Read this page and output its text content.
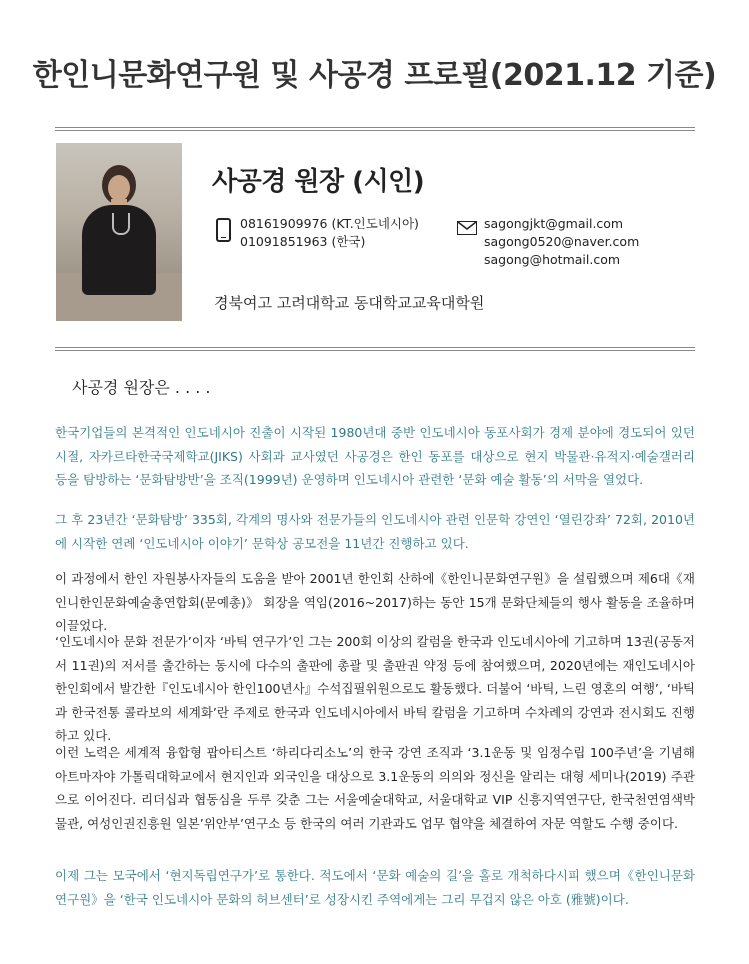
한인니문화연구원 및 사공경 프로필(2021.12 기준)
사공경 원장 (시인)
08161909976 (KT.인도네시아)
01091851963 (한국)
sagongjkt@gmail.com
sagong0520@naver.com
sagong@hotmail.com
경북여고 고려대학교 동대학교교육대학원
사공경 원장은 . . . .

한국기업들의 본격적인 인도네시아 진출이 시작된 1980년대 중반 인도네시아 동포사회가 경제 분야에 경도되어 있던 시절, 자카르타한국국제학교(JIKS) 사회과 교사였던 사공경은 한인 동포를 대상으로 현지 박물관·유적지·예술갤러리 등을 탐방하는 ‘문화탐방반’을 조직(1999년) 운영하며 인도네시아 관련한 ‘문화 예술 활동’의 서막을 열었다.

그 후 23년간 ‘문화탐방’ 335회, 각계의 명사와 전문가들의 인도네시아 관련 인문학 강연인 ‘열린강좌’ 72회, 2010년에 시작한 연례 ‘인도네시아 이야기’ 문학상 공모전을 11년간 진행하고 있다.

이 과정에서 한인 자원봉사자들의 도움을 받아 2001년 한인회 산하에《한인니문화연구원》을 설립했으며 제6대《재인니한인문화예술총연합회(문예총)》 회장을 역임(2016~2017)하는 동안 15개 문화단체들의 행사 활동을 조율하며 이끌었다.

‘인도네시아 문화 전문가’이자 ‘바틱 연구가’인 그는 200회 이상의 칼럼을 한국과 인도네시아에 기고하며 13권(공동저서 11권)의 저서를 출간하는 동시에 다수의 출판에 총괄 및 출판권 약정 등에 참여했으며, 2020년에는 재인도네시아한인회에서 발간한『인도네시아 한인100년사』수석집필위원으로도 활동했다. 더불어 ‘바틱, 느린 영혼의 여행’, ‘바틱과 한국전통 콜라보의 세계화’란 주제로 한국과 인도네시아에서 바틱 칼럼을 기고하며 수차례의 강연과 전시회도 진행하고 있다.

이런 노력은 세계적 융합형 팝아티스트 ‘하리다리소노’의 한국 강연 조직과 ‘3.1운동 및 임정수립 100주년’을 기념해 아트마자야 가톨릭대학교에서 현지인과 외국인을 대상으로 3.1운동의 의의와 정신을 알리는 대형 세미나(2019) 주관으로 이어진다. 리더십과 협동심을 두루 갖춘 그는 서울예술대학교, 서울대학교 VIP 신흥지역연구단, 한국천연염색박물관, 여성인권진흥원 일본’위안부’연구소 등 한국의 여러 기관과도 업무 협약을 체결하여 자문 역할도 수행 중이다.

이제 그는 모국에서 ‘현지독립연구가’로 통한다. 적도에서 ‘문화 예술의 길’을 홀로 개척하다시피 했으며《한인니문화연구원》을 ‘한국 인도네시아 문화의 허브센터’로 성장시킨 주역에게는 그리 무겁지 않은 아호 (雅號)이다.
